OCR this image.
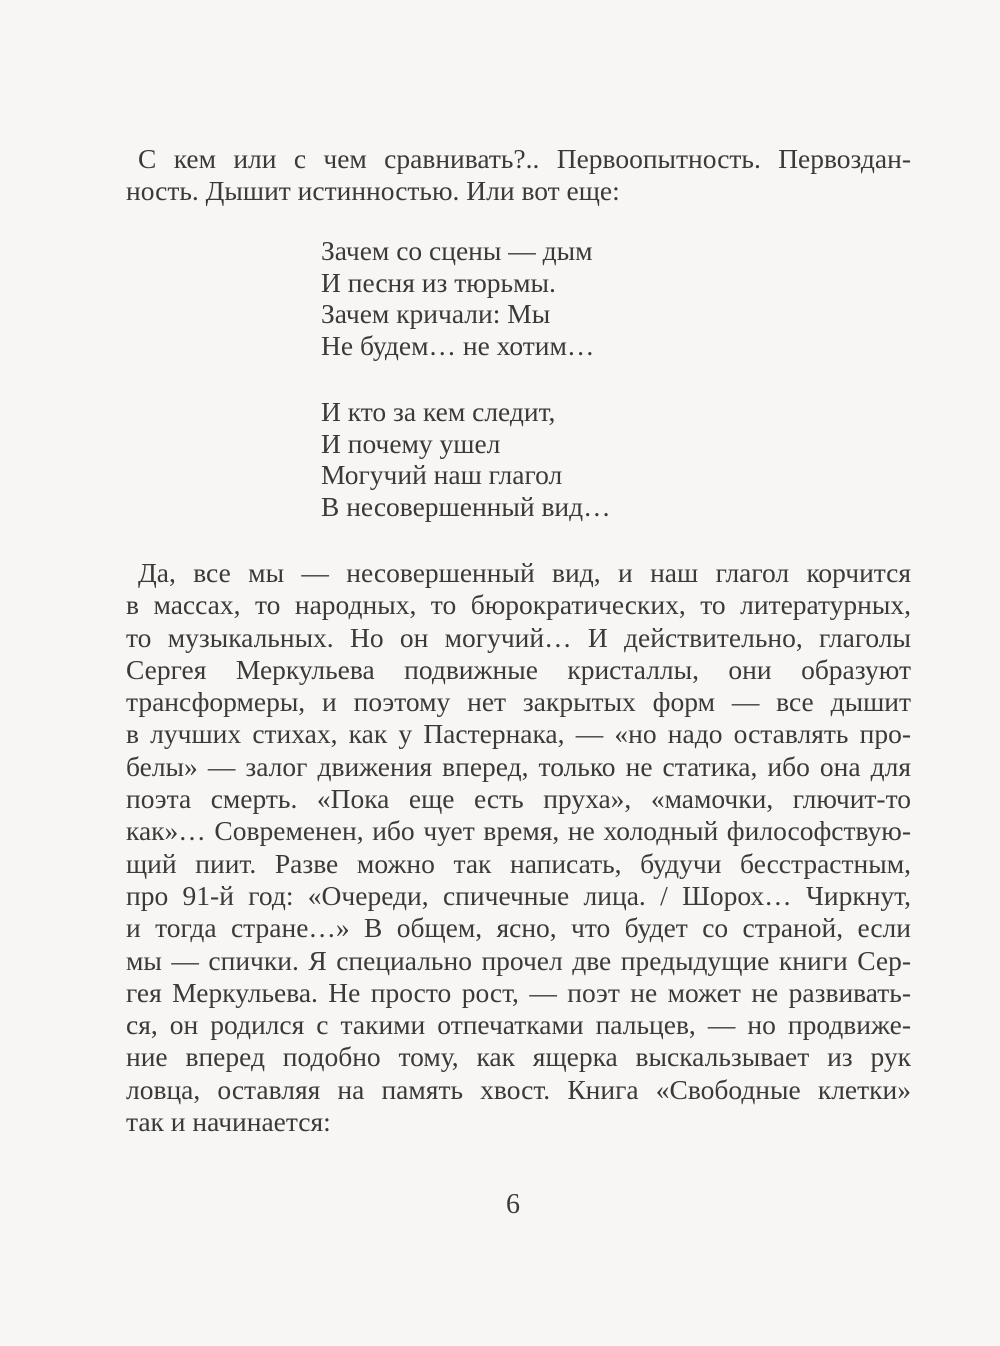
С кем или с чем сравнивать?.. Первоопытность. Первоздан-
ность. Дышит истинностью. Или вот еще:
Зачем со сцены — дым
И песня из тюрьмы.
Зачем кричали: Мы
Не будем… не хотим…
И кто за кем следит,
И почему ушел
Могучий наш глагол
В несовершенный вид…
Да, все мы — несовершенный вид, и наш глагол корчится
в массах, то народных, то бюрократических, то литературных,
то музыкальных. Но он могучий… И действительно, глаголы
Сергея Меркульева подвижные кристаллы, они образуют
трансформеры, и поэтому нет закрытых форм — все дышит
в лучших стихах, как у Пастернака, — «но надо оставлять про-
белы» — залог движения вперед, только не статика, ибо она для
поэта смерть. «Пока еще есть пруха», «мамочки, глючит-то
как»… Современен, ибо чует время, не холодный философствую-
щий пиит. Разве можно так написать, будучи бесстрастным,
про 91-й год: «Очереди, спичечные лица. / Шорох… Чиркнут,
и тогда стране…» В общем, ясно, что будет со страной, если
мы — спички. Я специально прочел две предыдущие книги Сер-
гея Меркульева. Не просто рост, — поэт не может не развивать-
ся, он родился с такими отпечатками пальцев, — но продвиже-
ние вперед подобно тому, как ящерка выскальзывает из рук
ловца, оставляя на память хвост. Книга «Свободные клетки»
так и начинается:
6
